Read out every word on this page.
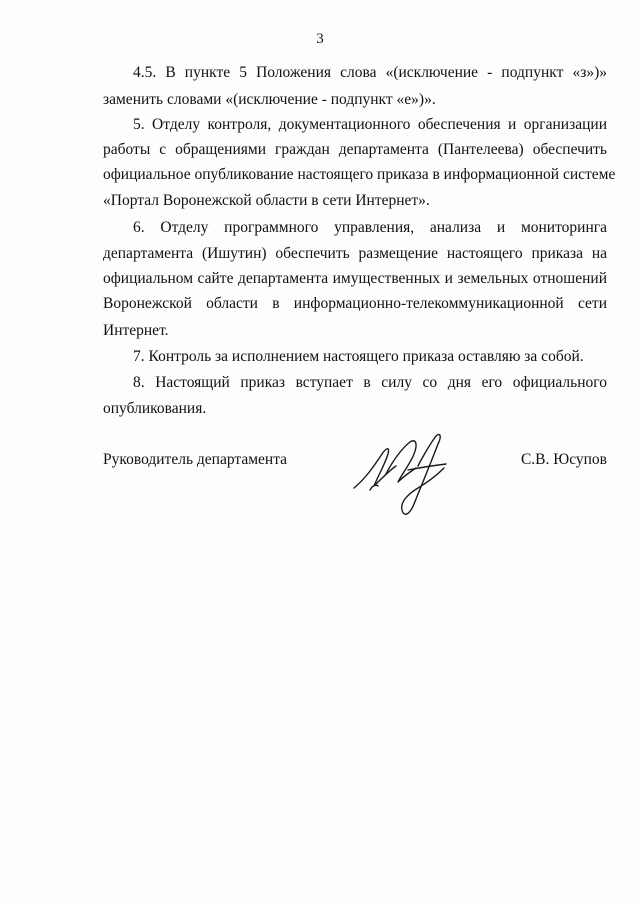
3
4.5. В пункте 5 Положения слова «(исключение - подпункт «з»)»
заменить словами «(исключение - подпункт «е»)».
5. Отделу контроля, документационного обеспечения и организации
работы с обращениями граждан департамента (Пантелеева) обеспечить
официальное опубликование настоящего приказа в информационной системе
«Портал Воронежской области в сети Интернет».
6. Отделу программного управления, анализа и мониторинга
департамента (Ишутин) обеспечить размещение настоящего приказа на
официальном сайте департамента имущественных и земельных отношений
Воронежской области в информационно-телекоммуникационной сети
Интернет.
7. Контроль за исполнением настоящего приказа оставляю за собой.
8. Настоящий приказ вступает в силу со дня его официального
опубликования.
Руководитель департамента	С.В. Юсупов
